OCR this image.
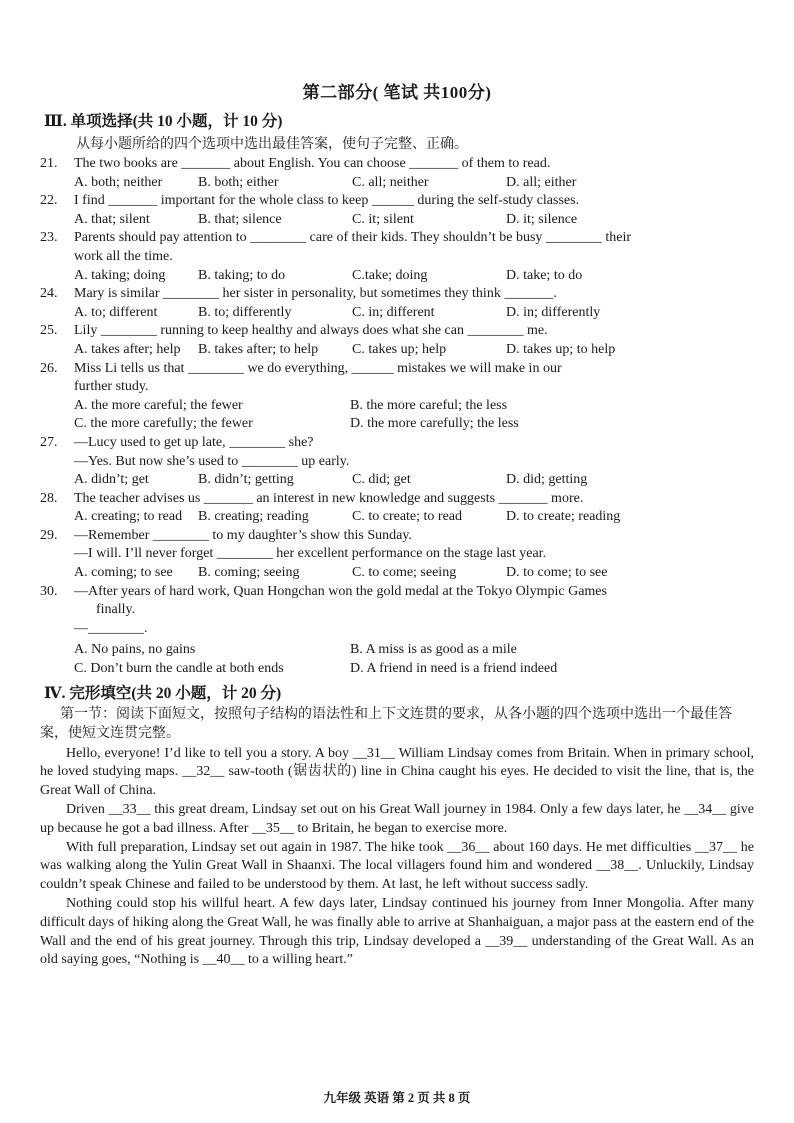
第二部分( 笔试 共100分)
Ⅲ. 单项选择(共 10 小题，计 10 分)
从每小题所给的四个选项中选出最佳答案，使句子完整、正确。
21.	The two books are _______ about English. You can choose _______ of them to read.
A. both; neither	B. both; either	C. all; neither	D. all; either
22.	I find _______ important for the whole class to keep ______ during the self-study classes.
A. that; silent	B. that; silence	C. it; silent	D. it; silence
23.	Parents should pay attention to ________ care of their kids. They shouldn’t be busy ________ their
work all the time.
A. taking; doing	B. taking; to do	C.take; doing	D. take; to do
24.	Mary is similar ________ her sister in personality, but sometimes they think _______.
A. to; different	B. to; differently	C. in; different	D. in; differently
25.	Lily ________ running to keep healthy and always does what she can ________ me.
A. takes after; help	B. takes after; to help	C. takes up; help	D. takes up; to help
26.	Miss Li tells us that ________ we do everything, ______ mistakes we will make in our
further study.
A. the more careful; the fewer	B. the more careful; the less
C. the more carefully; the fewer	D. the more carefully; the less
27.	—Lucy used to get up late, ________ she?
—Yes. But now she’s used to ________ up early.
A. didn’t; get	B. didn’t; getting	C. did; get	D. did; getting
28.	The teacher advises us _______ an interest in new knowledge and suggests _______ more.
A. creating; to read	B. creating; reading	C. to create; to read	D. to create; reading
29.	—Remember ________ to my daughter’s show this Sunday.
—I will. I’ll never forget ________ her excellent performance on the stage last year.
A. coming; to see	B. coming; seeing	C. to come; seeing	D. to come; to see
30.	—After years of hard work, Quan Hongchan won the gold medal at the Tokyo Olympic Games
finally.
—________.
A. No pains, no gains	B. A miss is as good as a mile
C. Don’t burn the candle at both ends	D. A friend in need is a friend indeed
Ⅳ. 完形填空(共 20 小题，计 20 分)
第一节：阅读下面短文，按照句子结构的语法性和上下文连贯的要求，从各小题的四个选项中选出一个最佳答案，使短文连贯完整。

Hello, everyone! I’d like to tell you a story. A boy __31__ William Lindsay comes from Britain. When in primary school, he loved studying maps. __32__ saw-tooth (锯齿状的) line in China caught his eyes. He decided to visit the line, that is, the Great Wall of China.

Driven __33__ this great dream, Lindsay set out on his Great Wall journey in 1984. Only a few days later, he __34__ give up because he got a bad illness. After __35__ to Britain, he began to exercise more.

With full preparation, Lindsay set out again in 1987. The hike took __36__ about 160 days. He met difficulties __37__ he was walking along the Yulin Great Wall in Shaanxi. The local villagers found him and wondered __38__. Unluckily, Lindsay couldn’t speak Chinese and failed to be understood by them. At last, he left without success sadly.

Nothing could stop his willful heart. A few days later, Lindsay continued his journey from Inner Mongolia. After many difficult days of hiking along the Great Wall, he was finally able to arrive at Shanhaiguan, a major pass at the eastern end of the Wall and the end of his great journey. Through this trip, Lindsay developed a __39__ understanding of the Great Wall. As an old saying goes, “Nothing is __40__ to a willing heart.”

九年级 英语 第 2 页 共 8 页
